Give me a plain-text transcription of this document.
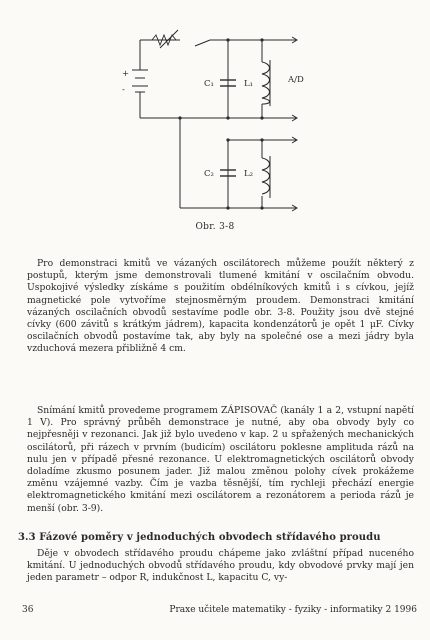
+
-
C₁	L₁	A/D
C₂	L₂
Obr. 3-8

Pro demonstraci kmitů ve vázaných oscilátorech můžeme použít některý z postupů, kterým jsme demonstrovali tlumené kmitání v oscilačním obvodu. Uspokojivé výsledky získáme s použitím obdélníkových kmitů i s cívkou, jejíž magnetické pole vytvoříme stejnosměrným proudem. Demonstraci kmitání vázaných oscilačních obvodů sestavíme podle obr. 3-8. Použity jsou dvě stejné cívky (600 závitů s krátkým jádrem), kapacita kondenzátorů je opět 1 μF. Cívky oscilačních obvodů postavíme tak, aby byly na společné ose a mezi jádry byla vzduchová mezera přibližně 4 cm.

Snímání kmitů provedeme programem ZÁPISOVAČ (kanály 1 a 2, vstupní napětí 1 V). Pro správný průběh demonstrace je nutné, aby oba obvody byly co nejpřesněji v rezonanci. Jak již bylo uvedeno v kap. 2 u spřažených mechanických oscilátorů, při rázech v prvním (budicím) oscilátoru poklesne amplituda rázů na nulu jen v případě přesné rezonance. U elektromagnetických oscilátorů obvody doladíme zkusmo posunem jader. Již malou změnou polohy cívek prokážeme změnu vzájemné vazby. Čím je vazba těsnější, tím rychleji přechází energie elektromagnetického kmitání mezi oscilátorem a rezonátorem a perioda rázů je menší (obr. 3-9).

3.3 Fázové poměry v jednoduchých obvodech střídavého proudu

Děje v obvodech střídavého proudu chápeme jako zvláštní případ nuceného kmitání. U jednoduchých obvodů střídavého proudu, kdy obvodové prvky mají jen jeden parametr – odpor R, indukčnost L, kapacitu C, vy-

36	Praxe učitele matematiky - fyziky - informatiky 2 1996
